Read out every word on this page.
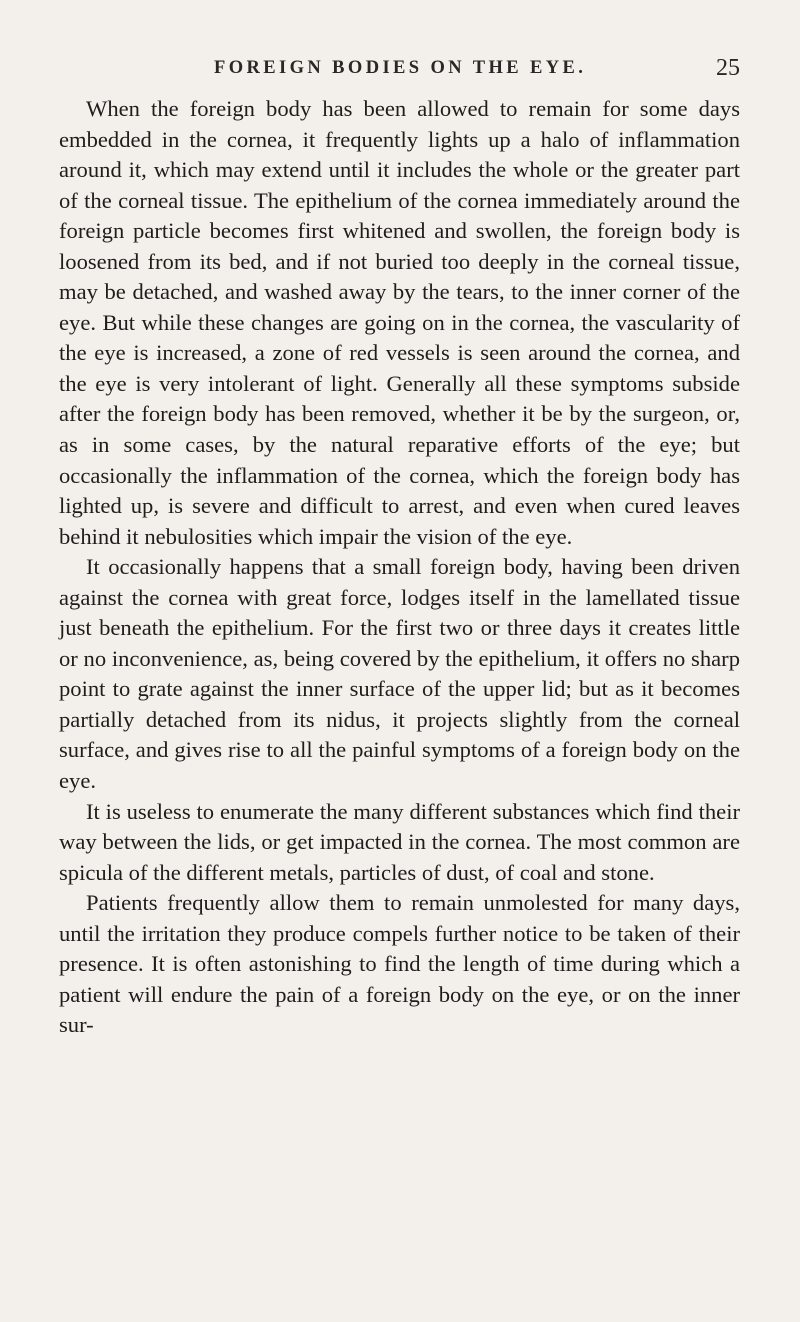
FOREIGN BODIES ON THE EYE.	25

When the foreign body has been allowed to remain for some days embedded in the cornea, it frequently lights up a halo of inflammation around it, which may extend until it includes the whole or the greater part of the corneal tissue. The epithelium of the cornea immediately around the foreign particle becomes first whitened and swollen, the foreign body is loosened from its bed, and if not buried too deeply in the corneal tissue, may be detached, and washed away by the tears, to the inner corner of the eye. But while these changes are going on in the cornea, the vascularity of the eye is increased, a zone of red vessels is seen around the cornea, and the eye is very intolerant of light. Generally all these symptoms subside after the foreign body has been removed, whether it be by the surgeon, or, as in some cases, by the natural reparative efforts of the eye; but occasionally the inflammation of the cornea, which the foreign body has lighted up, is severe and difficult to arrest, and even when cured leaves behind it nebulosities which impair the vision of the eye.

It occasionally happens that a small foreign body, having been driven against the cornea with great force, lodges itself in the lamellated tissue just beneath the epithelium. For the first two or three days it creates little or no inconvenience, as, being covered by the epithelium, it offers no sharp point to grate against the inner surface of the upper lid; but as it becomes partially detached from its nidus, it projects slightly from the corneal surface, and gives rise to all the painful symptoms of a foreign body on the eye.

It is useless to enumerate the many different substances which find their way between the lids, or get impacted in the cornea. The most common are spicula of the different metals, particles of dust, of coal and stone.

Patients frequently allow them to remain unmolested for many days, until the irritation they produce compels further notice to be taken of their presence. It is often astonishing to find the length of time during which a patient will endure the pain of a foreign body on the eye, or on the inner sur-
